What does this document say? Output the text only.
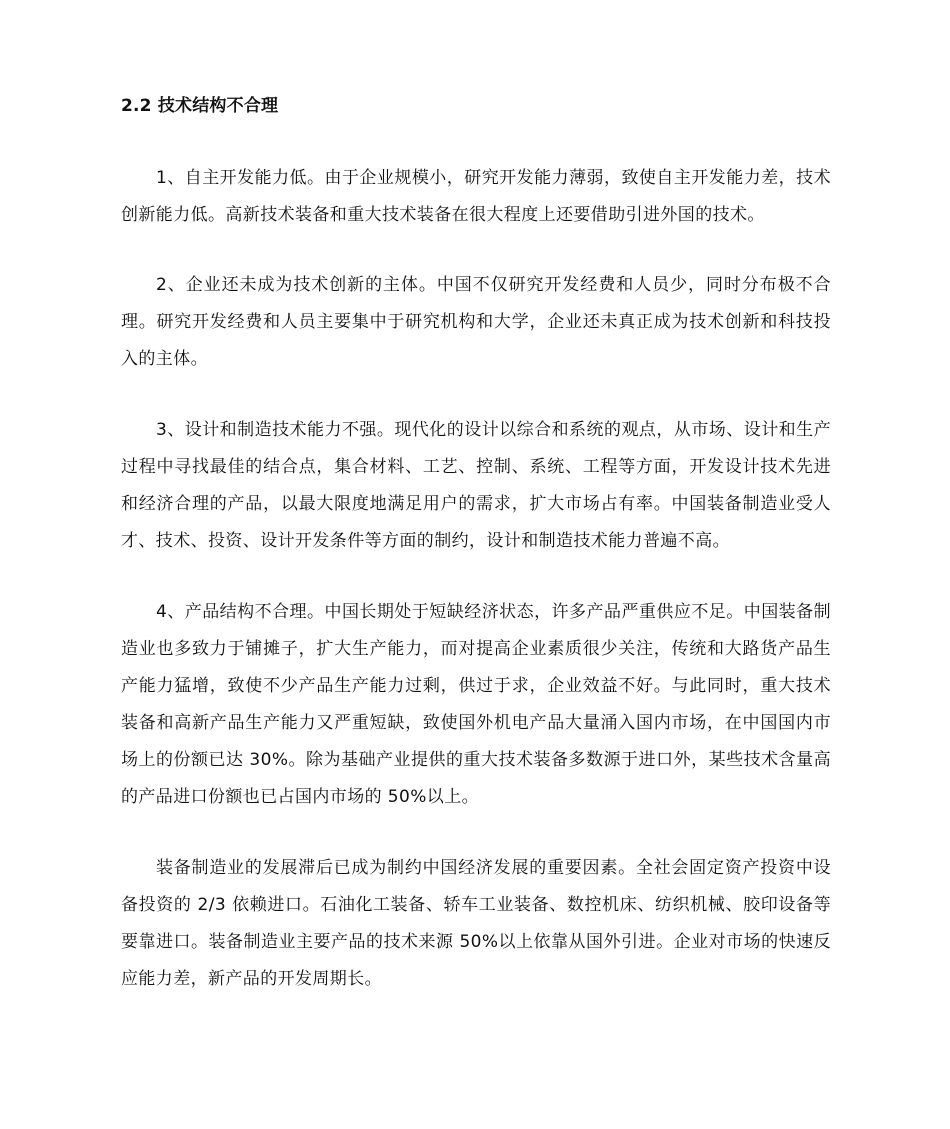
2.2 技术结构不合理

1、自主开发能力低。由于企业规模小，研究开发能力薄弱，致使自主开发能力差，技术创新能力低。高新技术装备和重大技术装备在很大程度上还要借助引进外国的技术。

2、企业还未成为技术创新的主体。中国不仅研究开发经费和人员少，同时分布极不合理。研究开发经费和人员主要集中于研究机构和大学，企业还未真正成为技术创新和科技投入的主体。

3、设计和制造技术能力不强。现代化的设计以综合和系统的观点，从市场、设计和生产过程中寻找最佳的结合点，集合材料、工艺、控制、系统、工程等方面，开发设计技术先进和经济合理的产品，以最大限度地满足用户的需求，扩大市场占有率。中国装备制造业受人才、技术、投资、设计开发条件等方面的制约，设计和制造技术能力普遍不高。

4、产品结构不合理。中国长期处于短缺经济状态，许多产品严重供应不足。中国装备制造业也多致力于铺摊子，扩大生产能力，而对提高企业素质很少关注，传统和大路货产品生产能力猛增，致使不少产品生产能力过剩，供过于求，企业效益不好。与此同时，重大技术装备和高新产品生产能力又严重短缺，致使国外机电产品大量涌入国内市场，在中国国内市场上的份额已达 30%。除为基础产业提供的重大技术装备多数源于进口外，某些技术含量高的产品进口份额也已占国内市场的 50%以上。

装备制造业的发展滞后已成为制约中国经济发展的重要因素。全社会固定资产投资中设备投资的 2/3 依赖进口。石油化工装备、轿车工业装备、数控机床、纺织机械、胶印设备等要靠进口。装备制造业主要产品的技术来源 50%以上依靠从国外引进。企业对市场的快速反应能力差，新产品的开发周期长。
